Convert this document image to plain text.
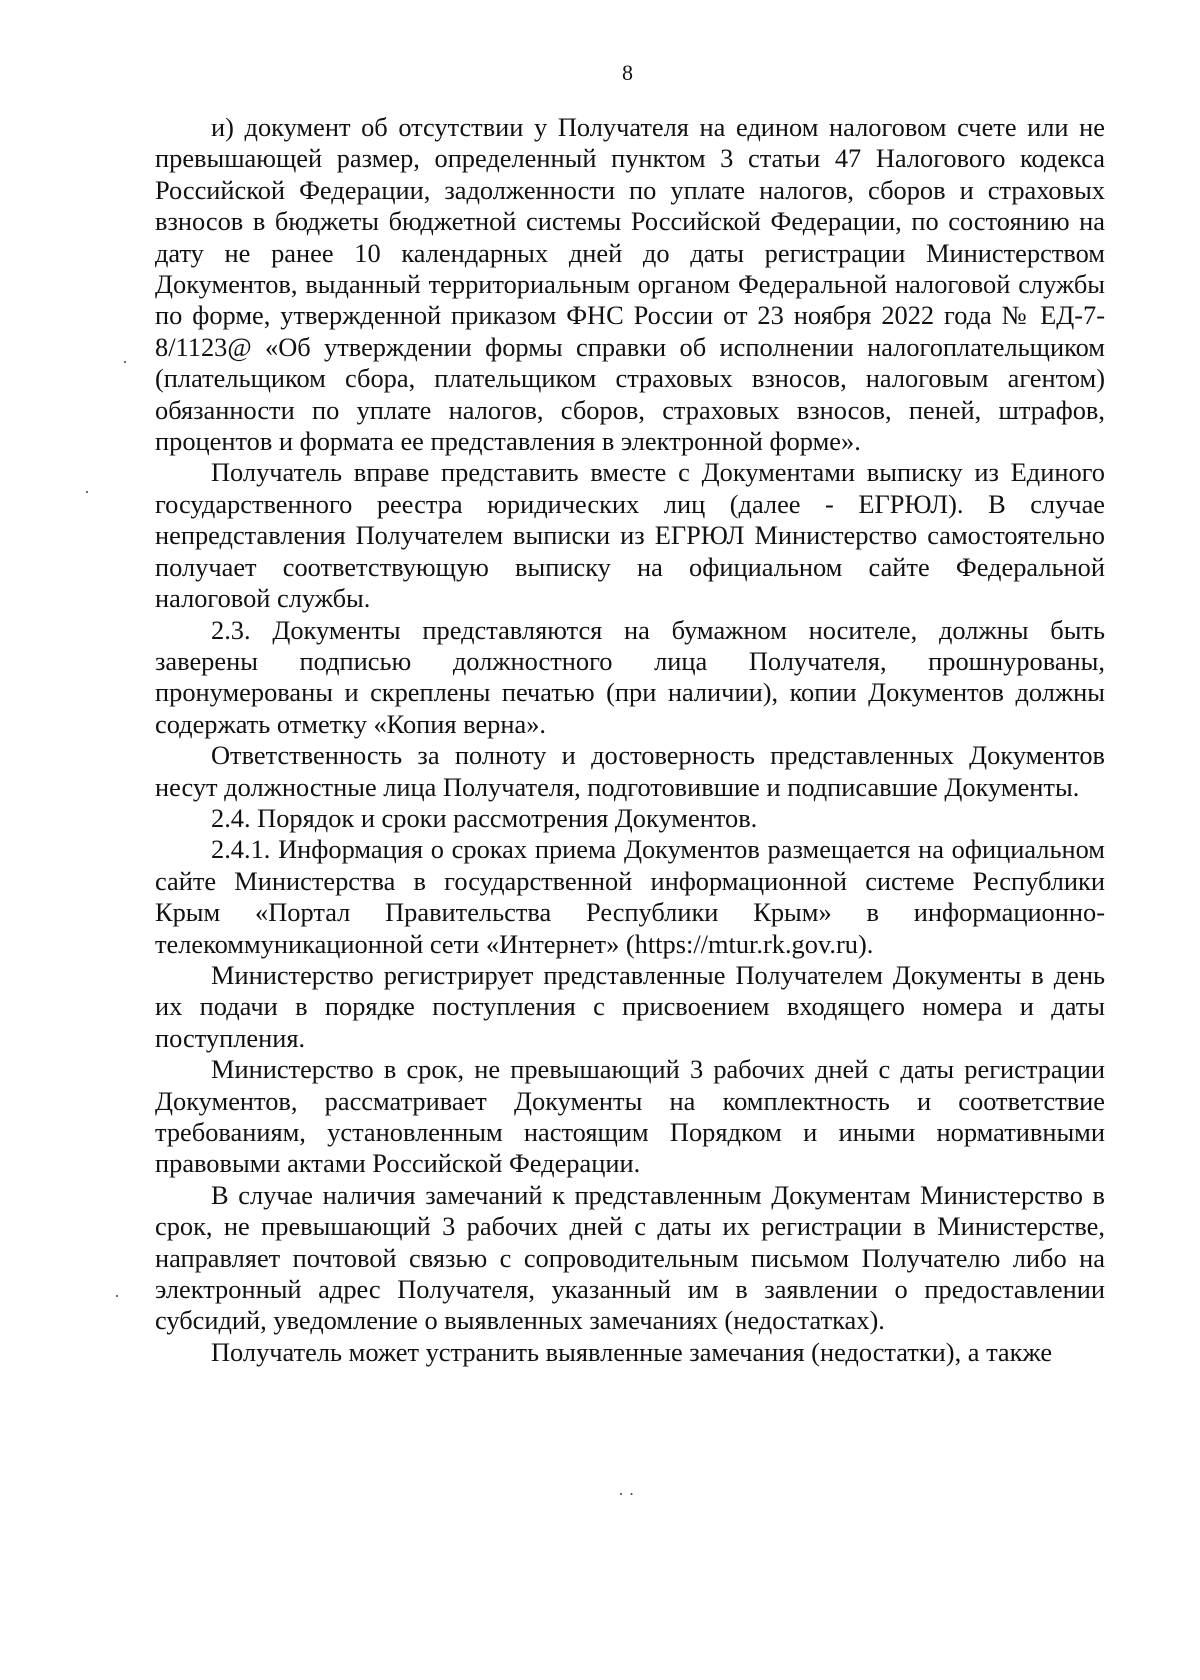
8

и) документ об отсутствии у Получателя на едином налоговом счете или не превышающей размер, определенный пунктом 3 статьи 47 Налогового кодекса Российской Федерации, задолженности по уплате налогов, сборов и страховых взносов в бюджеты бюджетной системы Российской Федерации, по состоянию на дату не ранее 10 календарных дней до даты регистрации Министерством Документов, выданный территориальным органом Федеральной налоговой службы по форме, утвержденной приказом ФНС России от 23 ноября 2022 года № ЕД-7-8/1123@ «Об утверждении формы справки об исполнении налогоплательщиком (плательщиком сбора, плательщиком страховых взносов, налоговым агентом) обязанности по уплате налогов, сборов, страховых взносов, пеней, штрафов, процентов и формата ее представления в электронной форме».

Получатель вправе представить вместе с Документами выписку из Единого государственного реестра юридических лиц (далее - ЕГРЮЛ). В случае непредставления Получателем выписки из ЕГРЮЛ Министерство самостоятельно получает соответствующую выписку на официальном сайте Федеральной налоговой службы.

2.3. Документы представляются на бумажном носителе, должны быть заверены подписью должностного лица Получателя, прошнурованы, пронумерованы и скреплены печатью (при наличии), копии Документов должны содержать отметку «Копия верна».

Ответственность за полноту и достоверность представленных Документов несут должностные лица Получателя, подготовившие и подписавшие Документы.

2.4. Порядок и сроки рассмотрения Документов.

2.4.1. Информация о сроках приема Документов размещается на официальном сайте Министерства в государственной информационной системе Республики Крым «Портал Правительства Республики Крым» в информационно-телекоммуникационной сети «Интернет» (https://mtur.rk.gov.ru).

Министерство регистрирует представленные Получателем Документы в день их подачи в порядке поступления с присвоением входящего номера и даты поступления.

Министерство в срок, не превышающий 3 рабочих дней с даты регистрации Документов, рассматривает Документы на комплектность и соответствие требованиям, установленным настоящим Порядком и иными нормативными правовыми актами Российской Федерации.

В случае наличия замечаний к представленным Документам Министерство в срок, не превышающий 3 рабочих дней с даты их регистрации в Министерстве, направляет почтовой связью с сопроводительным письмом Получателю либо на электронный адрес Получателя, указанный им в заявлении о предоставлении субсидий, уведомление о выявленных замечаниях (недостатках).

Получатель может устранить выявленные замечания (недостатки), а также

·
·
·
· ·
